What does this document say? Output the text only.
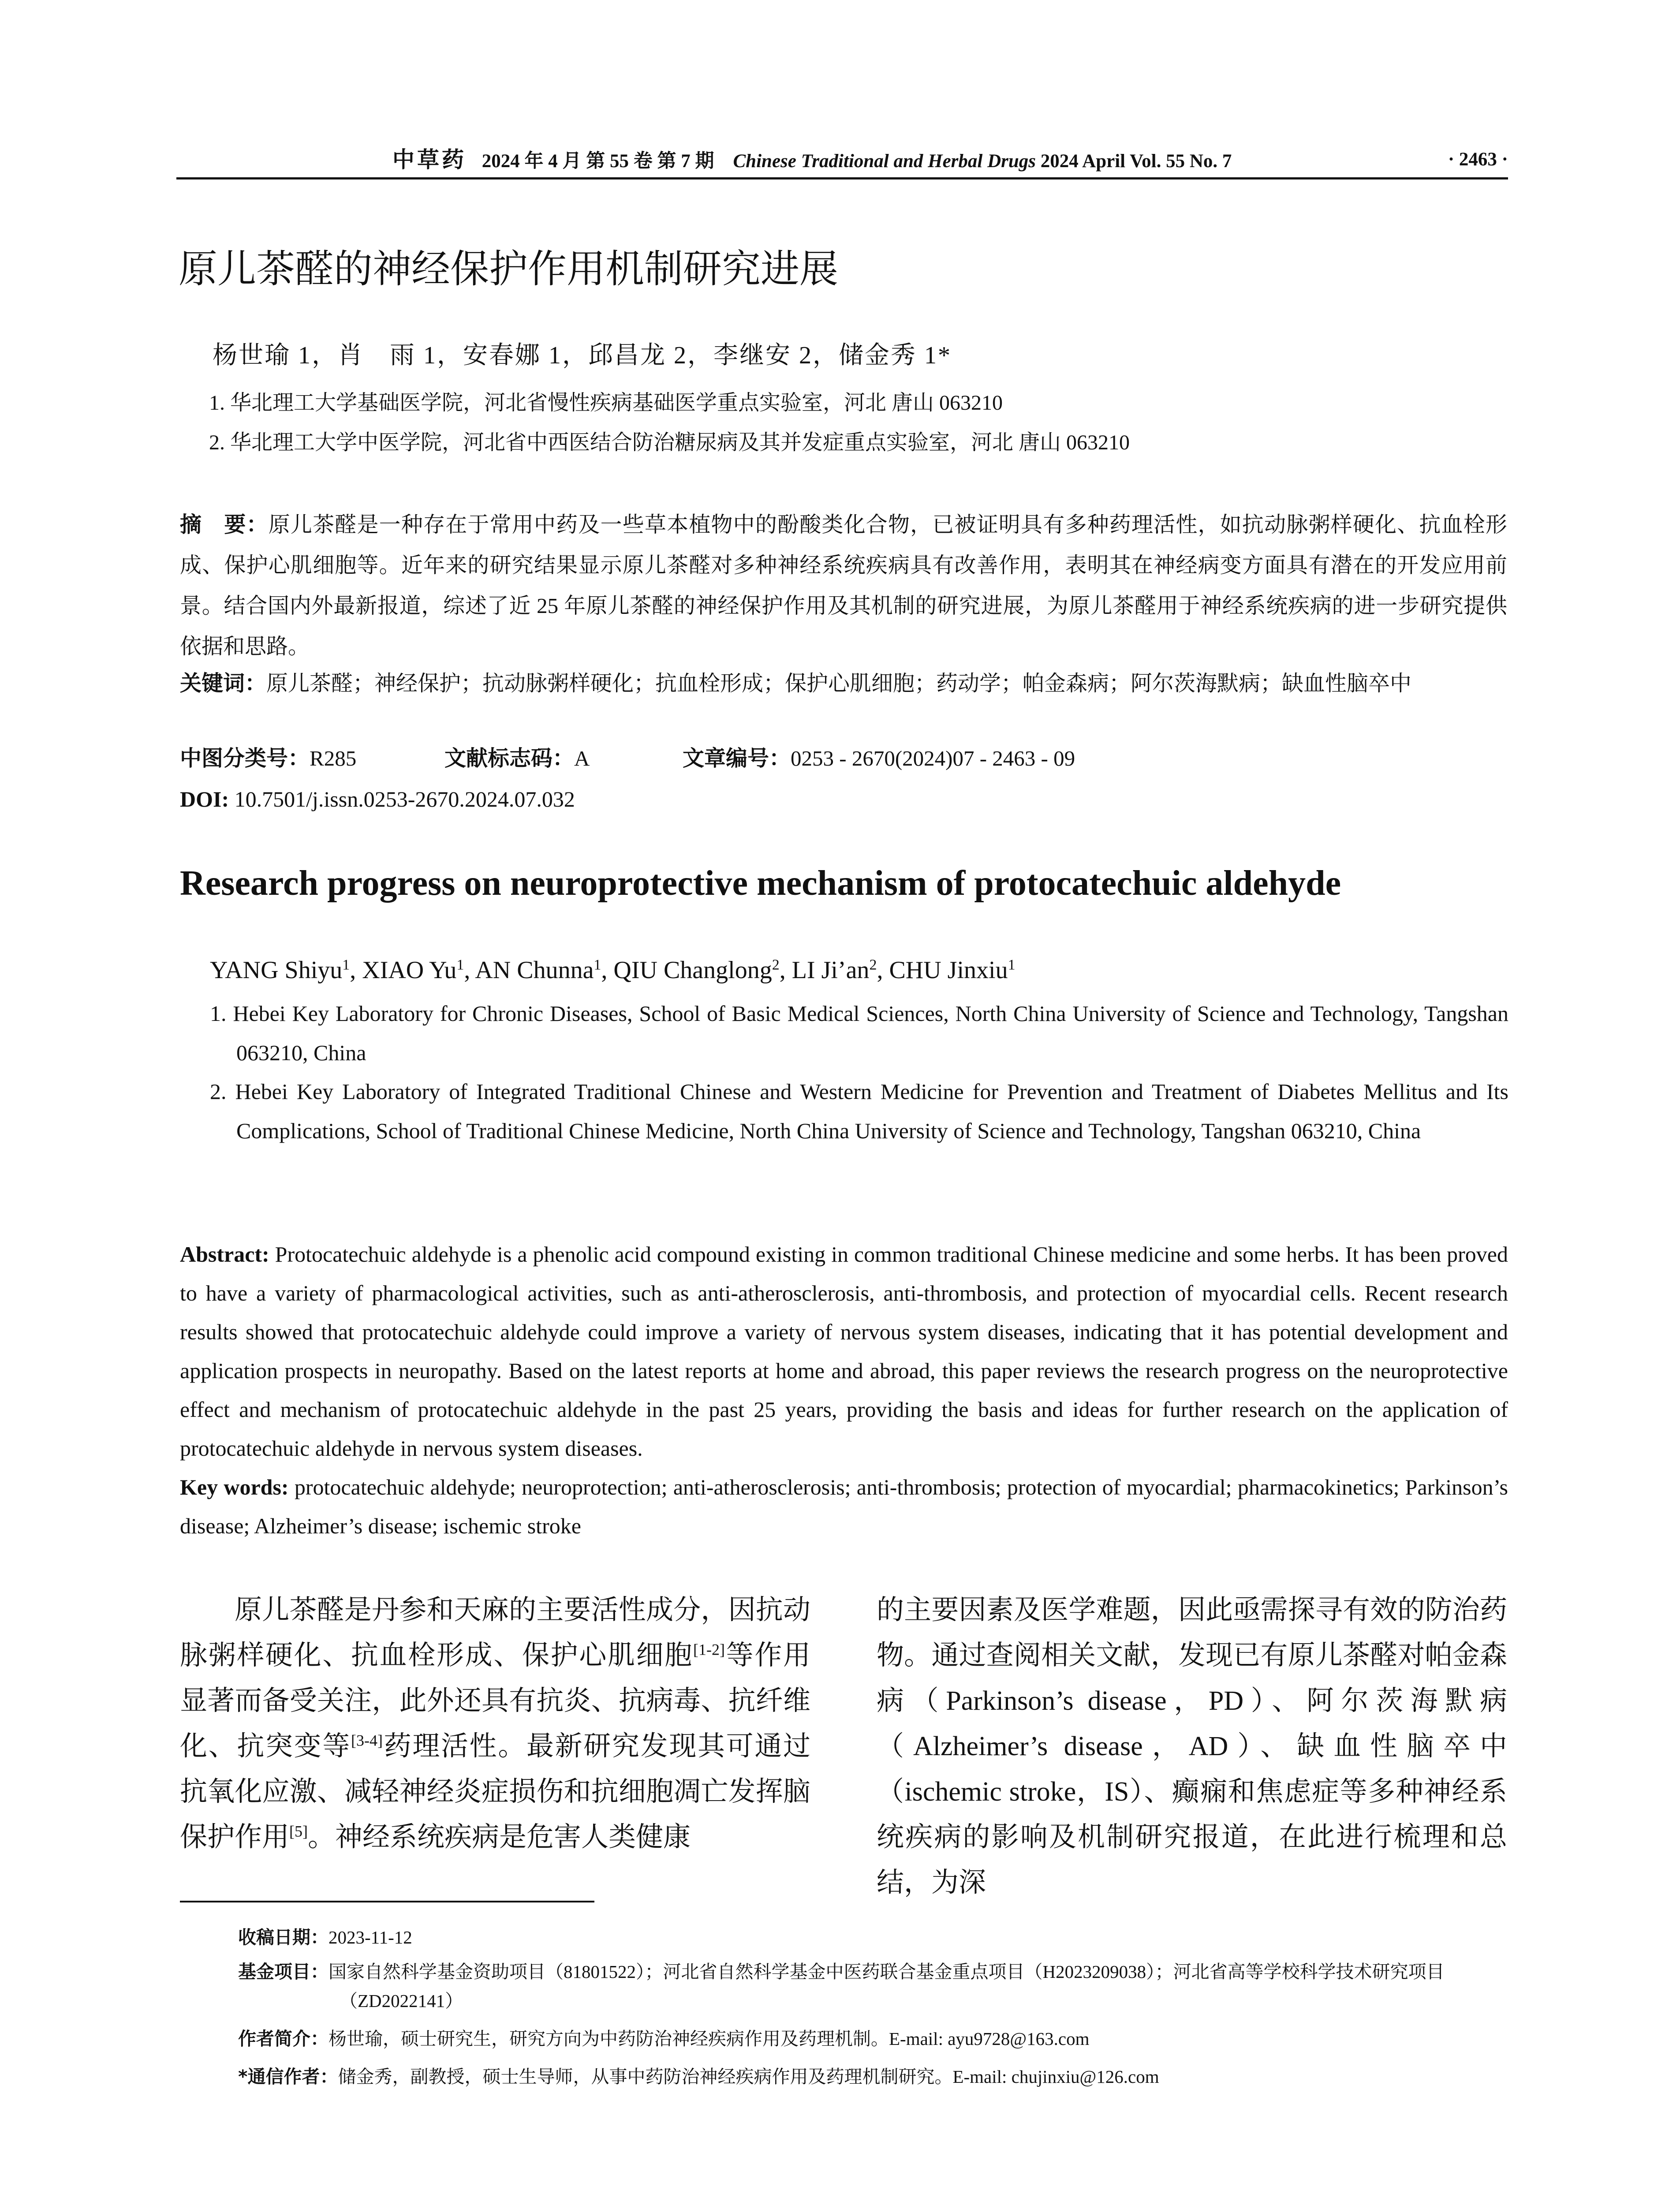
中草药 2024 年 4 月 第 55 卷 第 7 期 Chinese Traditional and Herbal Drugs 2024 April Vol. 55 No. 7	· 2463 ·
原儿茶醛的神经保护作用机制研究进展
杨世瑜 1，肖　雨 1，安春娜 1，邱昌龙 2，李继安 2，储金秀 1*
1. 华北理工大学基础医学院，河北省慢性疾病基础医学重点实验室，河北 唐山 063210
2. 华北理工大学中医学院，河北省中西医结合防治糖尿病及其并发症重点实验室，河北 唐山 063210
摘　要：原儿茶醛是一种存在于常用中药及一些草本植物中的酚酸类化合物，已被证明具有多种药理活性，如抗动脉粥样硬化、抗血栓形成、保护心肌细胞等。近年来的研究结果显示原儿茶醛对多种神经系统疾病具有改善作用，表明其在神经病变方面具有潜在的开发应用前景。结合国内外最新报道，综述了近 25 年原儿茶醛的神经保护作用及其机制的研究进展，为原儿茶醛用于神经系统疾病的进一步研究提供依据和思路。
关键词：原儿茶醛；神经保护；抗动脉粥样硬化；抗血栓形成；保护心肌细胞；药动学；帕金森病；阿尔茨海默病；缺血性脑卒中
中图分类号：R285	文献标志码：A	文章编号：0253 - 2670(2024)07 - 2463 - 09
DOI: 10.7501/j.issn.0253-2670.2024.07.032
Research progress on neuroprotective mechanism of protocatechuic aldehyde
YANG Shiyu$^1$, XIAO Yu$^1$, AN Chunna$^1$, QIU Changlong$^2$, LI $Ji’an^2$, CHU Jinxiu$^1$
1. Hebei Key Laboratory for Chronic Diseases, School of Basic Medical Sciences, North China University of Science and Technology, Tangshan 063210, China
2. Hebei Key Laboratory of Integrated Traditional Chinese and Western Medicine for Prevention and Treatment of Diabetes Mellitus and Its Complications, School of Traditional Chinese Medicine, North China University of Science and Technology, Tangshan 063210, China
Abstract: Protocatechuic aldehyde is a phenolic acid compound existing in common traditional Chinese medicine and some herbs. It has been proved to have a variety of pharmacological activities, such as anti-atherosclerosis, anti-thrombosis, and protection of myocardial cells. Recent research results showed that protocatechuic aldehyde could improve a variety of nervous system diseases, indicating that it has potential development and application prospects in neuropathy. Based on the latest reports at home and abroad, this paper reviews the research progress on the neuroprotective effect and mechanism of protocatechuic aldehyde in the past 25 years, providing the basis and ideas for further research on the application of protocatechuic aldehyde in nervous system diseases.
Key words: protocatechuic aldehyde; neuroprotection; anti-atherosclerosis; anti-thrombosis; protection of myocardial; pharmacokinetics; Parkinson’s disease; Alzheimer’s disease; ischemic stroke
原儿茶醛是丹参和天麻的主要活性成分，因抗动脉粥样硬化、抗血栓形成、保护心肌细胞[1-2]等作用显著而备受关注，此外还具有抗炎、抗病毒、抗纤维化、抗突变等[3-4]药理活性。最新研究发现其可通过抗氧化应激、减轻神经炎症损伤和抗细胞凋亡发挥脑保护作用[5]。神经系统疾病是危害人类健康
的主要因素及医学难题，因此亟需探寻有效的防治药物。通过查阅相关文献，发现已有原儿茶醛对帕金森病（Parkinson’s disease，PD）、阿尔茨海默病（Alzheimer’s disease，AD）、缺血性脑卒中（ischemic stroke，IS）、癫痫和焦虑症等多种神经系统疾病的影响及机制研究报道，在此进行梳理和总结，为深
收稿日期：2023-11-12
基金项目：国家自然科学基金资助项目（81801522）；河北省自然科学基金中医药联合基金重点项目（H2023209038）；河北省高等学校科学技术研究项目（ZD2022141）
作者简介：杨世瑜，硕士研究生，研究方向为中药防治神经疾病作用及药理机制。E-mail: ayu9728@163.com
*通信作者：储金秀，副教授，硕士生导师，从事中药防治神经疾病作用及药理机制研究。E-mail: chujinxiu@126.com
